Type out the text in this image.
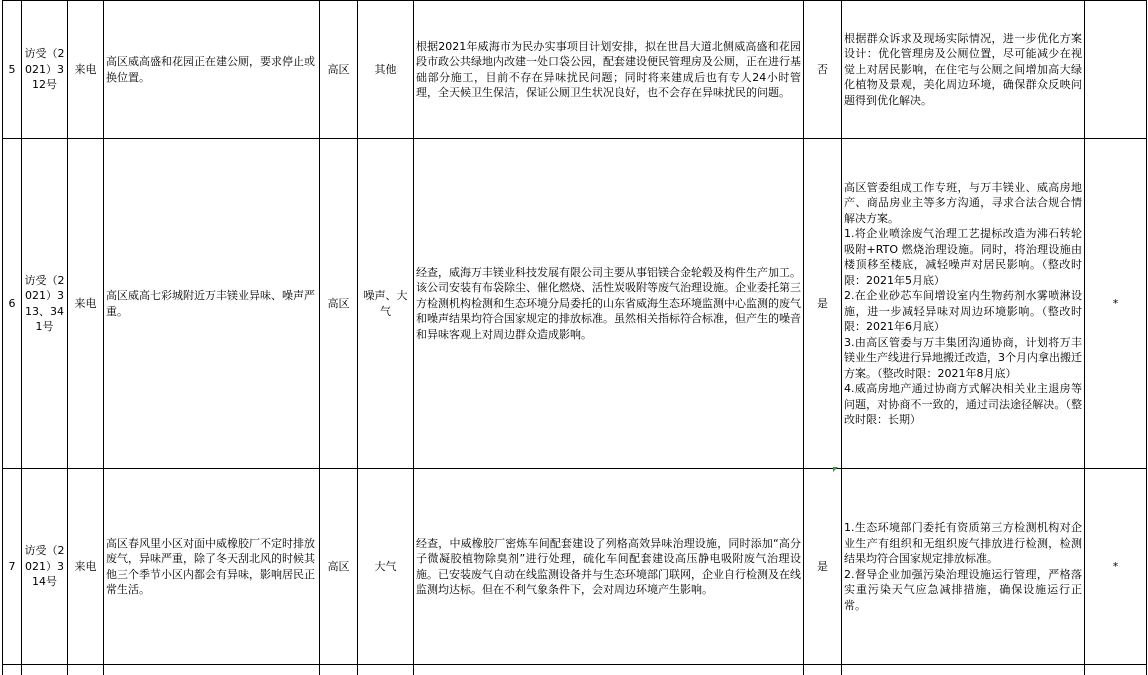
5	访受（2021）312号	来电	高区威高盛和花园正在建公厕，要求停止或换位置。	高区	其他	根据2021年威海市为民办实事项目计划安排，拟在世昌大道北侧威高盛和花园段市政公共绿地内改建一处口袋公园，配套建设便民管理房及公厕，正在进行基础部分施工，目前不存在异味扰民问题；同时将来建成后也有专人24小时管理，全天候卫生保洁，保证公厕卫生状况良好，也不会存在异味扰民的问题。	否	根据群众诉求及现场实际情况，进一步优化方案设计：优化管理房及公厕位置，尽可能减少在视觉上对居民影响，在住宅与公厕之间增加高大绿化植物及景观，美化周边环境，确保群众反映问题得到优化解决。	
6	访受（2021）313、341号	来电	高区威高七彩城附近万丰镁业异味、噪声严重。	高区	噪声、大气	经查，威海万丰镁业科技发展有限公司主要从事铝镁合金轮毂及构件生产加工。该公司安装有布袋除尘、催化燃烧、活性炭吸附等废气治理设施。企业委托第三方检测机构检测和生态环境分局委托的山东省威海生态环境监测中心监测的废气和噪声结果均符合国家规定的排放标准。虽然相关指标符合标准，但产生的噪音和异味客观上对周边群众造成影响。	是	高区管委组成工作专班，与万丰镁业、威高房地产、商品房业主等多方沟通，寻求合法合规合情解决方案。
1.将企业喷涂废气治理工艺提标改造为沸石转轮吸附+RTO 燃烧治理设施。同时，将治理设施由楼顶移至楼底，减轻噪声对居民影响。（整改时限：2021年5月底）
2.在企业砂芯车间增设室内生物药剂水雾喷淋设施，进一步减轻异味对周边环境影响。（整改时限：2021年6月底）
3.由高区管委与万丰集团沟通协商，计划将万丰镁业生产线进行异地搬迁改造，3个月内拿出搬迁方案。（整改时限：2021年8月底）
4.威高房地产通过协商方式解决相关业主退房等问题，对协商不一致的，通过司法途径解决。（整改时限：长期）	*
7	访受（2021）314号	来电	高区春风里小区对面中威橡胶厂不定时排放废气，异味严重，除了冬天刮北风的时候其他三个季节小区内都会有异味，影响居民正常生活。	高区	大气	经查，中威橡胶厂密炼车间配套建设了列格高效异味治理设施，同时添加“高分子微凝胶植物除臭剂”进行处理，硫化车间配套建设高压静电吸附废气治理设施。已安装废气自动在线监测设备并与生态环境部门联网，企业自行检测及在线监测均达标。但在不利气象条件下，会对周边环境产生影响。	是	1.生态环境部门委托有资质第三方检测机构对企业生产有组织和无组织废气排放进行检测，检测结果均符合国家规定排放标准。
2.督导企业加强污染治理设施运行管理，严格落实重污染天气应急减排措施，确保设施运行正常。	*
